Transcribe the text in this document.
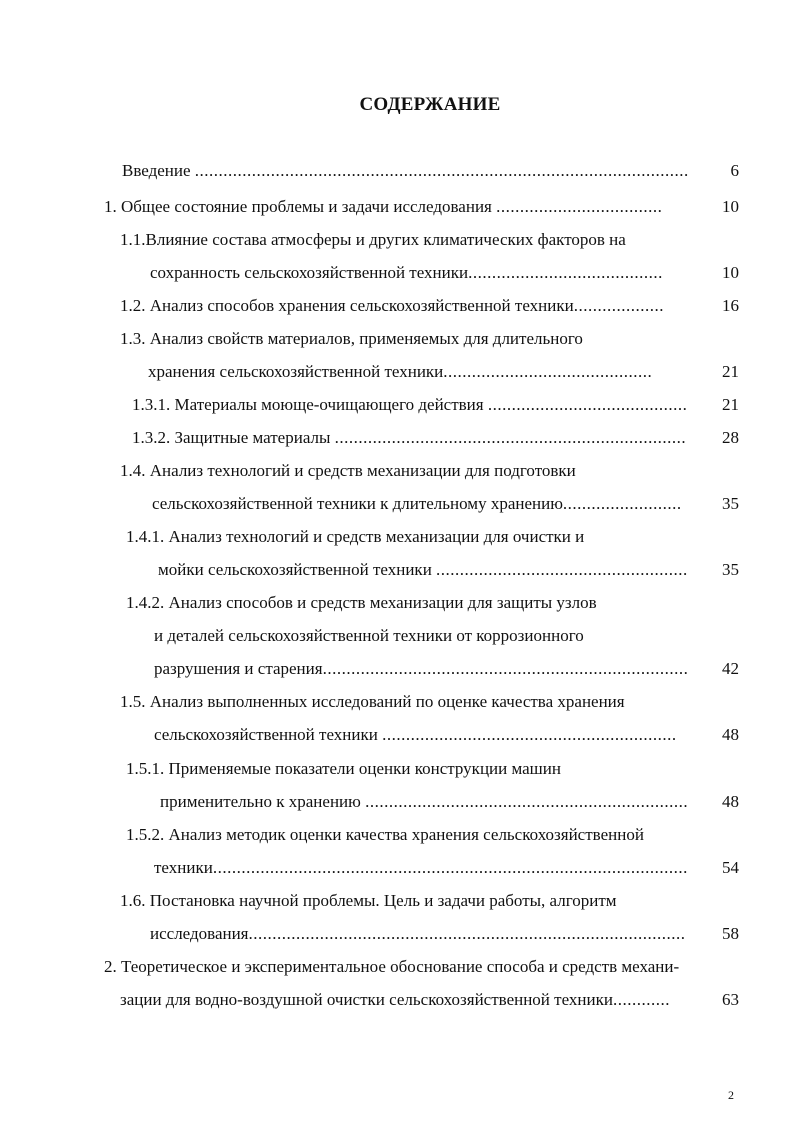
СОДЕРЖАНИЕ
Введение ........................................................................................................	6
1. Общее состояние проблемы и задачи исследования ...................................	10
1.1.Влияние состава атмосферы и других климатических факторов на
сохранность сельскохозяйственной техники.........................................	10
1.2. Анализ способов хранения сельскохозяйственной техники...................	16
1.3. Анализ свойств материалов, применяемых для длительного
хранения сельскохозяйственной техники............................................	21
1.3.1. Материалы моюще-очищающего действия ..........................................	21
1.3.2. Защитные материалы ..........................................................................	28
1.4. Анализ технологий и средств механизации для подготовки
сельскохозяйственной техники к длительному хранению.........................	35
1.4.1. Анализ технологий и средств механизации для очистки и
мойки сельскохозяйственной техники .....................................................	35
1.4.2. Анализ способов и средств механизации для защиты узлов
и деталей сельскохозяйственной техники от коррозионного
разрушения и старения.............................................................................	42
1.5. Анализ выполненных исследований по оценке качества хранения
сельскохозяйственной техники ..............................................................	48
1.5.1. Применяемые показатели оценки конструкции машин
применительно к хранению ....................................................................	48
1.5.2. Анализ методик оценки качества хранения сельскохозяйственной
техники....................................................................................................	54
1.6. Постановка научной проблемы. Цель и задачи работы, алгоритм
исследования............................................................................................	58
2. Теоретическое и экспериментальное обоснование способа и средств механи-
зации для водно-воздушной очистки сельскохозяйственной техники............	63
2
